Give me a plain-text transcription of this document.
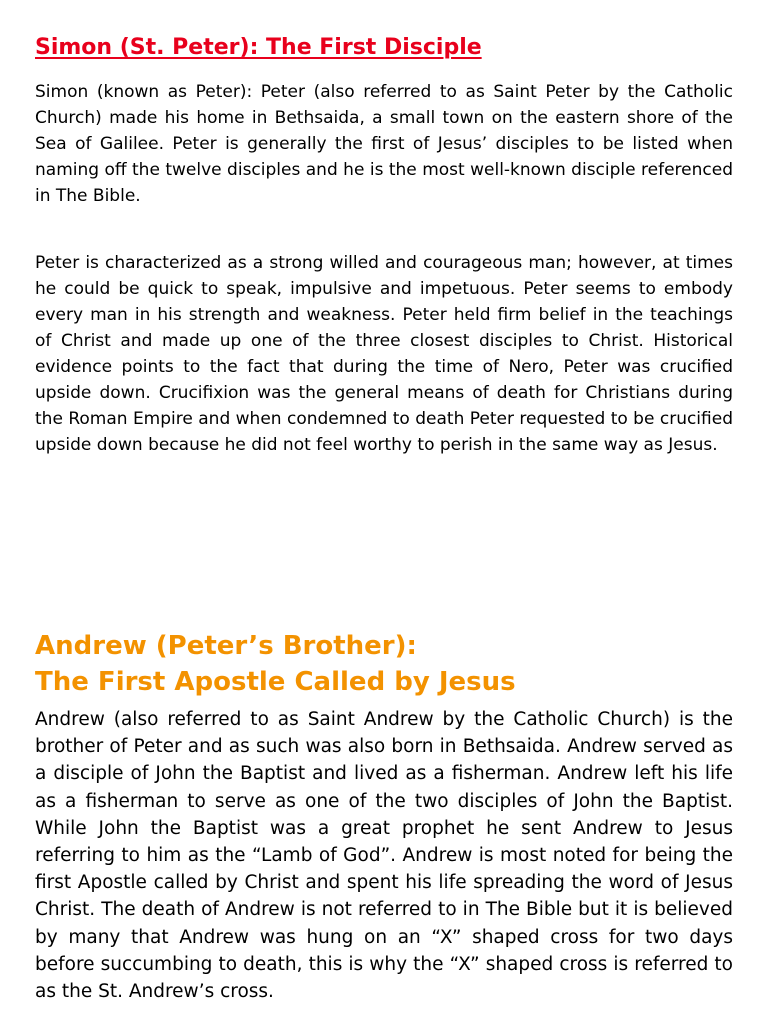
Simon (St. Peter): The First Disciple

Simon (known as Peter): Peter (also referred to as Saint Peter by the Catholic Church) made his home in Bethsaida, a small town on the eastern shore of the Sea of Galilee. Peter is generally the first of Jesus’ disciples to be listed when naming off the twelve disciples and he is the most well-known disciple referenced in The Bible.

Peter is characterized as a strong willed and courageous man; however, at times he could be quick to speak, impulsive and impetuous. Peter seems to embody every man in his strength and weakness. Peter held firm belief in the teachings of Christ and made up one of the three closest disciples to Christ. Historical evidence points to the fact that during the time of Nero, Peter was crucified upside down. Crucifixion was the general means of death for Christians during the Roman Empire and when condemned to death Peter requested to be crucified upside down because he did not feel worthy to perish in the same way as Jesus.

Andrew (Peter’s Brother):
The First Apostle Called by Jesus

Andrew (also referred to as Saint Andrew by the Catholic Church) is the brother of Peter and as such was also born in Bethsaida. Andrew served as a disciple of John the Baptist and lived as a fisherman. Andrew left his life as a fisherman to serve as one of the two disciples of John the Baptist. While John the Baptist was a great prophet he sent Andrew to Jesus referring to him as the “Lamb of God”. Andrew is most noted for being the first Apostle called by Christ and spent his life spreading the word of Jesus Christ. The death of Andrew is not referred to in The Bible but it is believed by many that Andrew was hung on an “X” shaped cross for two days before succumbing to death, this is why the “X” shaped cross is referred to as the St. Andrew’s cross.
